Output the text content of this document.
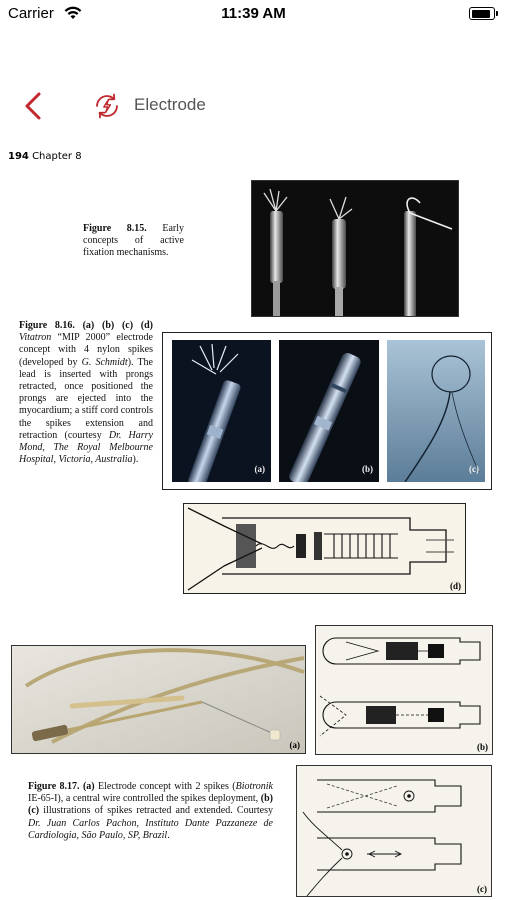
Carrier	11:39 AM
Electrode
194 Chapter 8
Figure 8.15. Early concepts of active fixation mechanisms.
Figure 8.16. (a) (b) (c) (d) Vitatron “MIP 2000” electrode concept with 4 nylon spikes (developed by G. Schmidt). The lead is inserted with prongs retracted, once positioned the prongs are ejected into the myocardium; a stiff cord controls the spikes extension and retraction (courtesy Dr. Harry Mond, The Royal Melbourne Hospital, Victoria, Australia).
(a)	(b)	(c)
(d)
(a)	(b)
Figure 8.17. (a) Electrode concept with 2 spikes (Biotronik IE-65-I), a central wire controlled the spikes deployment, (b) (c) illustrations of spikes retracted and extended. Courtesy Dr. Juan Carlos Pachon, Instituto Dante Pazzaneze de Cardiologia, São Paulo, SP, Brazil.
(c)
